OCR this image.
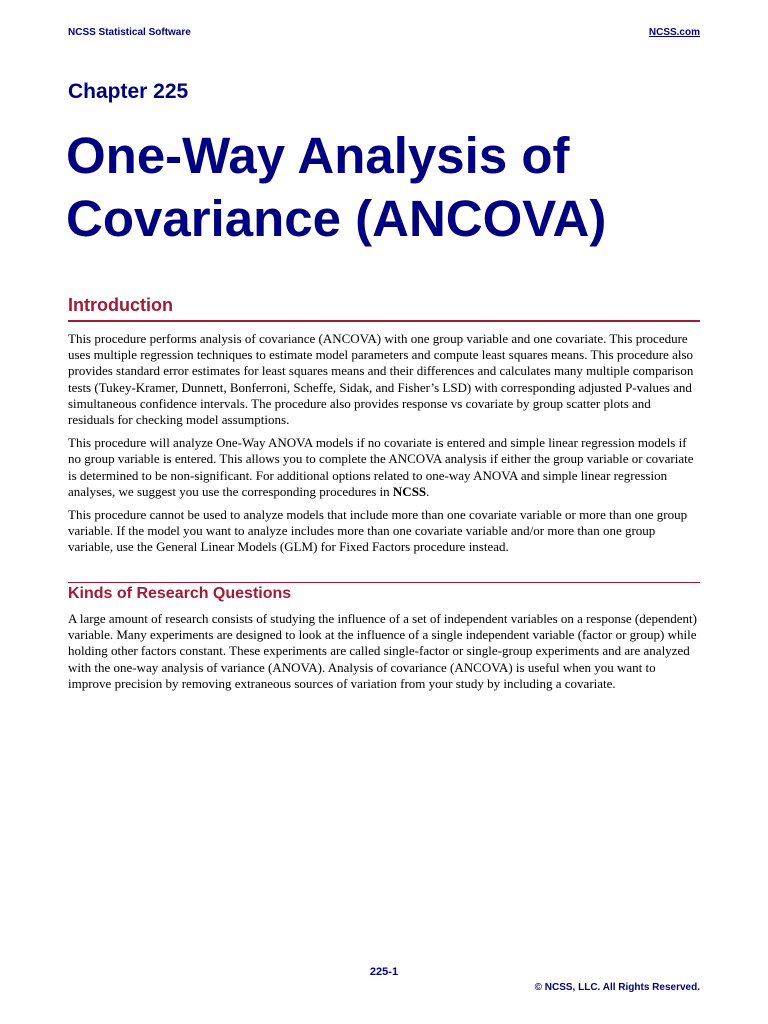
NCSS Statistical Software	NCSS.com
Chapter 225
One-Way Analysis of
Covariance (ANCOVA)
Introduction

This procedure performs analysis of covariance (ANCOVA) with one group variable and one covariate. This procedure uses multiple regression techniques to estimate model parameters and compute least squares means. This procedure also provides standard error estimates for least squares means and their differences and calculates many multiple comparison tests (Tukey-Kramer, Dunnett, Bonferroni, Scheffe, Sidak, and Fisher’s LSD) with corresponding adjusted P-values and simultaneous confidence intervals. The procedure also provides response vs covariate by group scatter plots and residuals for checking model assumptions.

This procedure will analyze One-Way ANOVA models if no covariate is entered and simple linear regression models if no group variable is entered. This allows you to complete the ANCOVA analysis if either the group variable or covariate is determined to be non-significant. For additional options related to one-way ANOVA and simple linear regression analyses, we suggest you use the corresponding procedures in NCSS.

This procedure cannot be used to analyze models that include more than one covariate variable or more than one group variable. If the model you want to analyze includes more than one covariate variable and/or more than one group variable, use the General Linear Models (GLM) for Fixed Factors procedure instead.

Kinds of Research Questions

A large amount of research consists of studying the influence of a set of independent variables on a response (dependent) variable. Many experiments are designed to look at the influence of a single independent variable (factor or group) while holding other factors constant. These experiments are called single-factor or single-group experiments and are analyzed with the one-way analysis of variance (ANOVA). Analysis of covariance (ANCOVA) is useful when you want to improve precision by removing extraneous sources of variation from your study by including a covariate.

225-1
© NCSS, LLC. All Rights Reserved.
